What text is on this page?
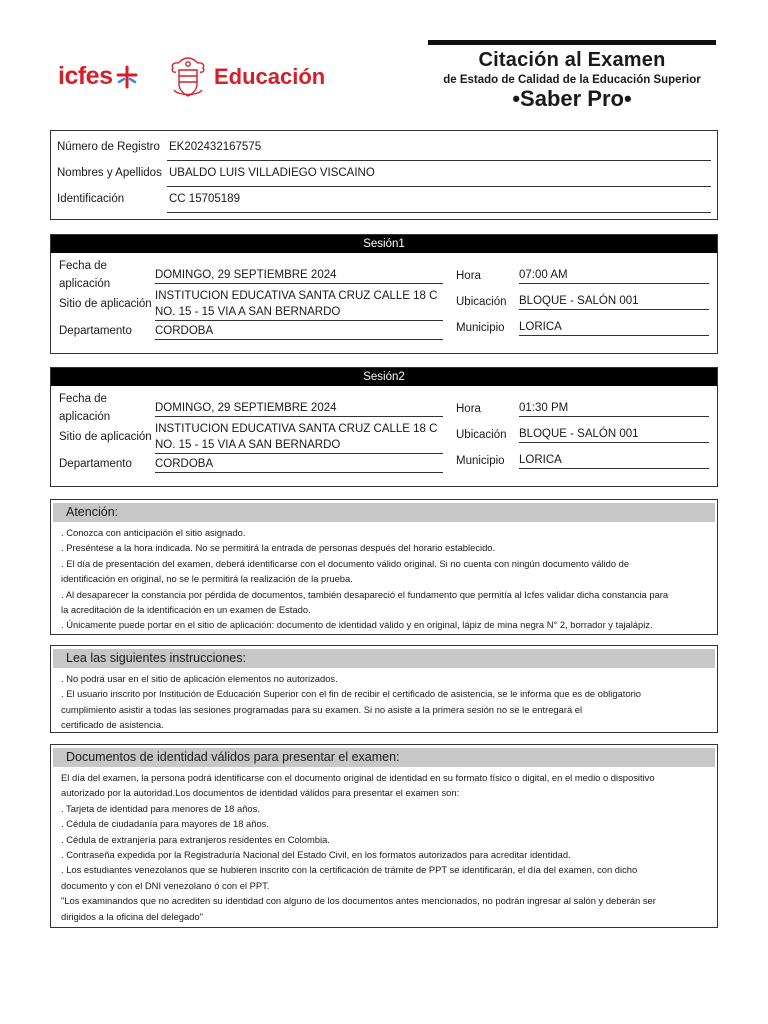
icfes	Educación
Citación al Examen
de Estado de Calidad de la Educación Superior
•Saber Pro•
Número de Registro EK202432167575
Nombres y Apellidos UBALDO LUIS VILLADIEGO VISCAINO
Identificación	CC 15705189
Sesión1
Fecha de
aplicación
DOMINGO, 29 SEPTIEMBRE 2024
Sitio de aplicación
INSTITUCION EDUCATIVA SANTA CRUZ CALLE 18 C
NO. 15 - 15 VIA A SAN BERNARDO
Departamento CORDOBA
Hora	07:00 AM
Ubicación BLOQUE - SALÓN 001
Municipio LORICA
Sesión2
Fecha de
aplicación
DOMINGO, 29 SEPTIEMBRE 2024
Sitio de aplicación
INSTITUCION EDUCATIVA SANTA CRUZ CALLE 18 C
NO. 15 - 15 VIA A SAN BERNARDO
Departamento CORDOBA
Hora	01:30 PM
Ubicación BLOQUE - SALÓN 001
Municipio LORICA
Atención:
. Conozca con anticipación el sitio asignado.
. Preséntese a la hora indicada. No se permitirá la entrada de personas después del horario establecido.
. El día de presentación del examen, deberá identificarse con el documento válido original. Si no cuenta con ningún documento válido de
identificación en original, no se le permitirá la realización de la prueba.
. Al desaparecer la constancia por pérdida de documentos, también desapareció el fundamento que permitía al Icfes validar dicha constancia para
la acreditación de la identificación en un examen de Estado.
. Únicamente puede portar en el sitio de aplicación: documento de identidad válido y en original, lápiz de mina negra N° 2, borrador y tajalápiz.
Lea las siguientes instrucciones:
. No podrá usar en el sitio de aplicación elementos no autorizados.
. El usuario inscrito por Institución de Educación Superior con el fin de recibir el certificado de asistencia, se le informa que es de obligatorio
cumplimiento asistir a todas las sesiones programadas para su examen. Si no asiste a la primera sesión no se le entregará el
certificado de asistencia.
Documentos de identidad válidos para presentar el examen:
El día del examen, la persona podrá identificarse con el documento original de identidad en su formato físico o digital, en el medio o dispositivo
autorizado por la autoridad.Los documentos de identidad válidos para presentar el examen son:
. Tarjeta de identidad para menores de 18 años.
. Cédula de ciudadanía para mayores de 18 años.
. Cédula de extranjería para extranjeros residentes en Colombia.
. Contraseña expedida por la Registraduría Nacional del Estado Civil, en los formatos autorizados para acreditar identidad.
. Los estudiantes venezolanos que se hubieren inscrito con la certificación de trámite de PPT se identificarán, el día del examen, con dicho
documento y con el DNI venezolano ó con el PPT.
"Los examinandos que no acrediten su identidad con alguno de los documentos antes mencionados, no podrán ingresar al salón y deberán ser
dirigidos a la oficina del delegado"
